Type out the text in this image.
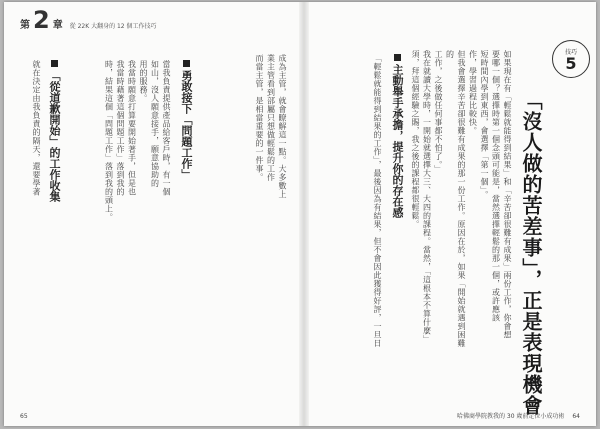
第 2 章 從 22K 大翻身的 12 個工作技巧
成為主管，就會瞭解這一點。大多數上
業主管看到部屬只想做輕鬆的工作
而當主管，是相當重要的一件事。
勇敢接下「問題工作」
當我負責提供產品給客戶時，有一個
如山，沒人願意接手，願意協助的
用的服務。
我當時願意打算要開始著手，但是也
我當時藉著這個問題工作」落到我的
時，結果這個「問題工作」落到我的頭上。
「從道歉開始」的工作收集
就在決定由我負責的隔天，還要學著
65
技巧
5
「沒人做的苦差事」，正是表現機會
如果現在有「輕鬆就能得到結果」和「辛苦卻很難有成果」兩份工作，你會想
要哪一個？選擇時第一個念頭可能是，當然選擇輕鬆的那一個，或許應該
短時間內學到東西，會選擇「第一個」。
作，學習過程比較快。
但我會選擇辛苦卻很難有成果的那一份工作。原因在於，如果「開始就遇到困難的
工作，之後做任何事都不怕了。」
我在就讀大學時，一開始就選擇大三、大四的課程。當然，「這根本不算什麼」
須，拜這個經驗之賜，我之後的課程都很輕鬆。
主動舉手承擔，提升你的存在感
「輕鬆就能得到結果的工作」，最後因為有結果，但不會因此獲得好評，一旦日
哈佛商學院教我的 30 歲前定位小成功術 64
